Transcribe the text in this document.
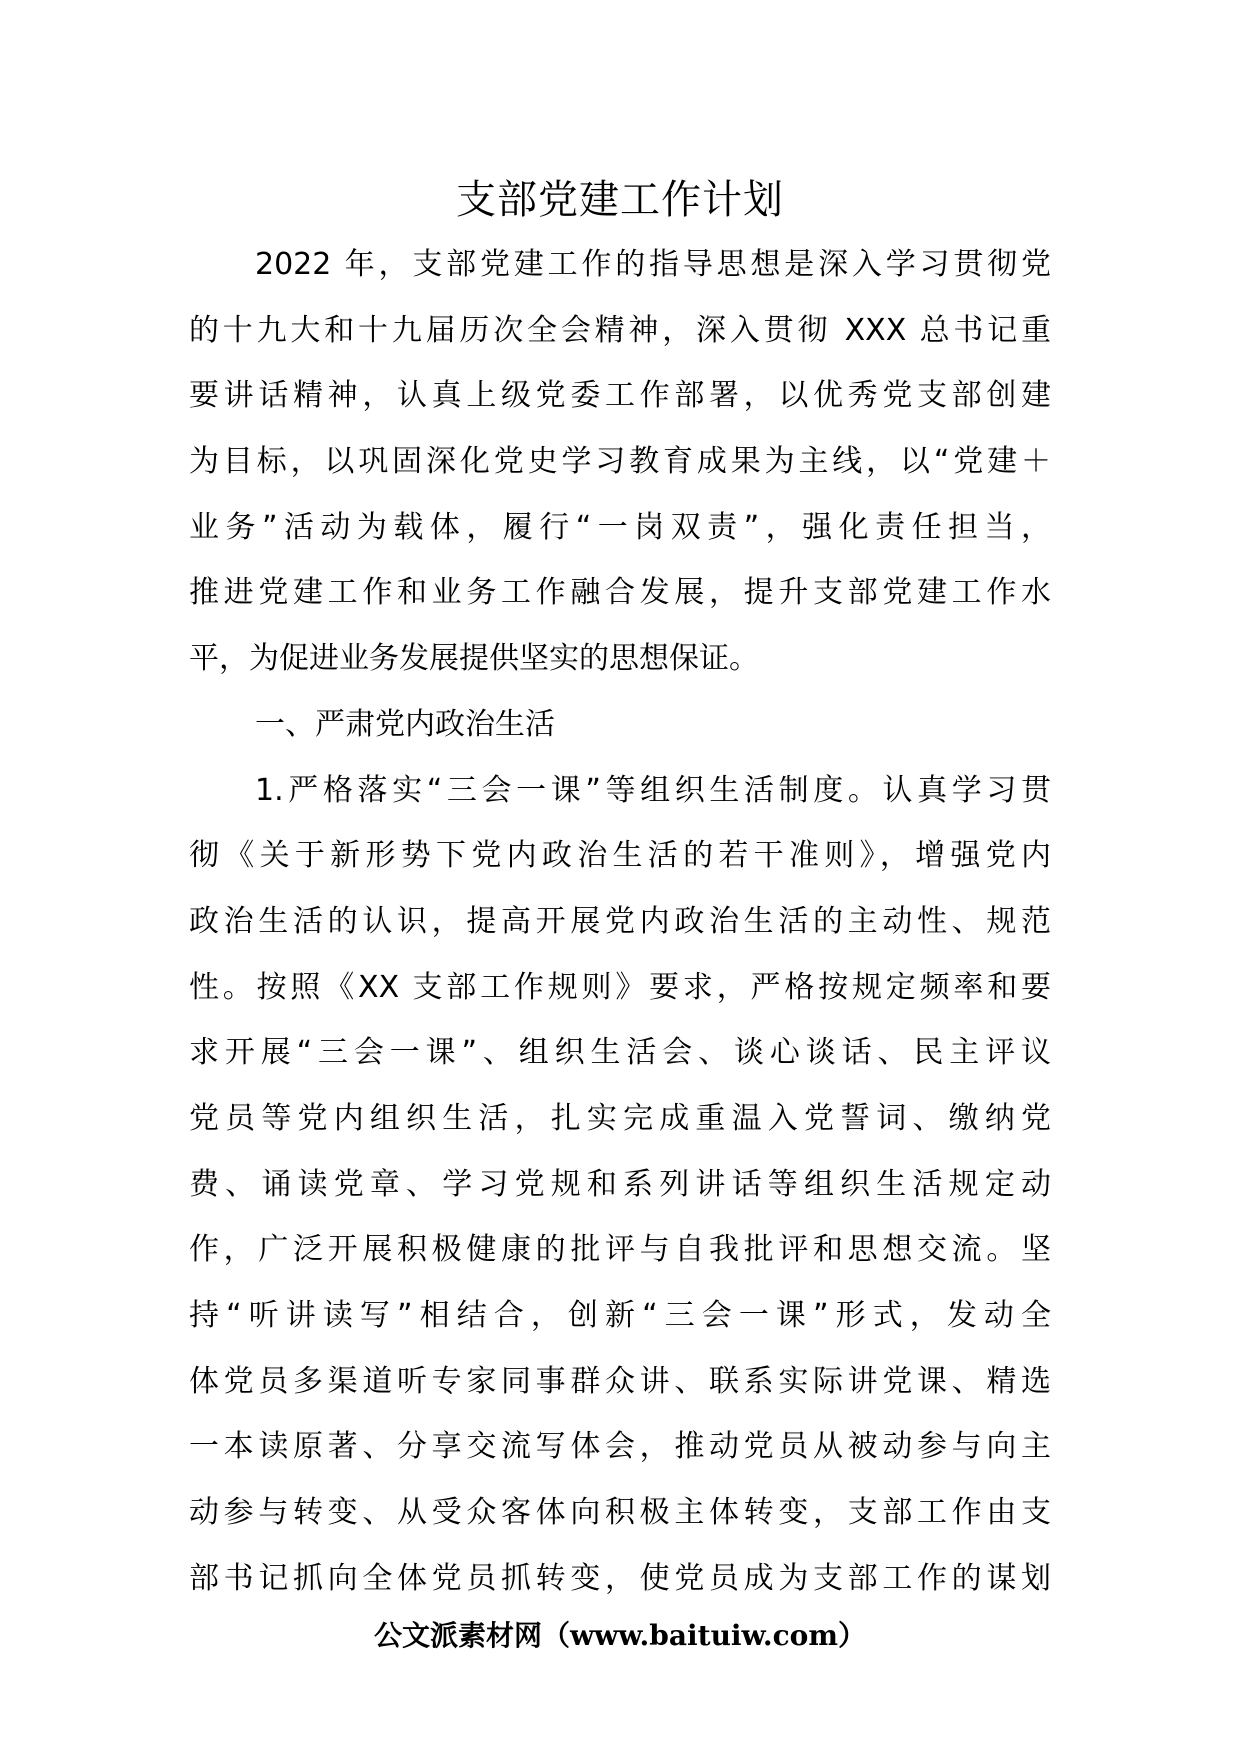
支部党建工作计划
2022 年，支部党建工作的指导思想是深入学习贯彻党
的十九大和十九届历次全会精神，深入贯彻 XXX 总书记重
要讲话精神，认真上级党委工作部署，以优秀党支部创建
为目标，以巩固深化党史学习教育成果为主线，以“党建＋
业务”活动为载体，履行“一岗双责”，强化责任担当，
推进党建工作和业务工作融合发展，提升支部党建工作水
平，为促进业务发展提供坚实的思想保证。
一、严肃党内政治生活
1.严格落实“三会一课”等组织生活制度。认真学习贯
彻《关于新形势下党内政治生活的若干准则》，增强党内
政治生活的认识，提高开展党内政治生活的主动性、规范
性。按照《XX 支部工作规则》要求，严格按规定频率和要
求开展“三会一课”、组织生活会、谈心谈话、民主评议
党员等党内组织生活，扎实完成重温入党誓词、缴纳党
费、诵读党章、学习党规和系列讲话等组织生活规定动
作，广泛开展积极健康的批评与自我批评和思想交流。坚
持“听讲读写”相结合，创新“三会一课”形式，发动全
体党员多渠道听专家同事群众讲、联系实际讲党课、精选
一本读原著、分享交流写体会，推动党员从被动参与向主
动参与转变、从受众客体向积极主体转变，支部工作由支
部书记抓向全体党员抓转变，使党员成为支部工作的谋划
公文派素材网（www.baituiw.com）
